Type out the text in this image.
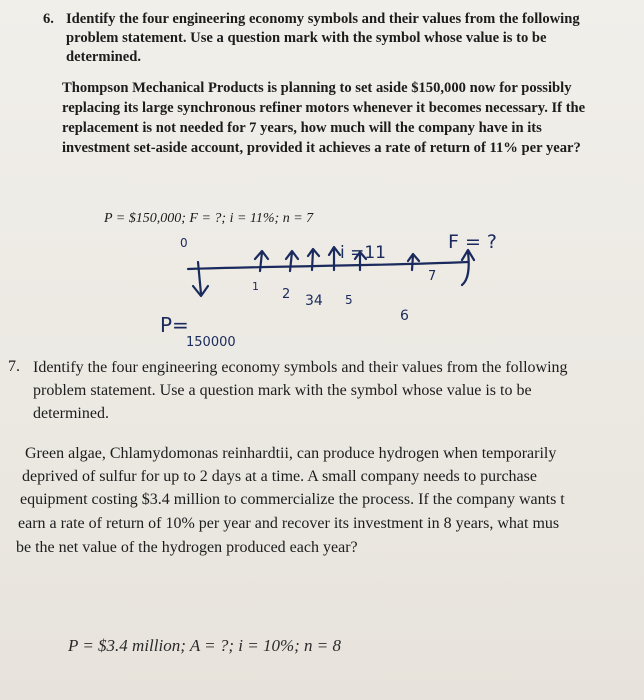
6. Identify the four engineering economy symbols and their values from the following

problem statement. Use a question mark with the symbol whose value is to be

determined.

Thompson Mechanical Products is planning to set aside $150,000 now for possibly

replacing its large synchronous refiner motors whenever it becomes necessary. If the

replacement is not needed for 7 years, how much will the company have in its

investment set-aside account, provided it achieves a rate of return of 11% per year?

P = $150,000; F = ?; i = 11%; n = 7

0	F = ?
i =11
1
2 34 5
6
7
P=
150000
7. Identify the four engineering economy symbols and their values from the following

problem statement. Use a question mark with the symbol whose value is to be

determined.

Green algae, Chlamydomonas reinhardtii, can produce hydrogen when temporarily

deprived of sulfur for up to 2 days at a time. A small company needs to purchase

equipment costing $3.4 million to commercialize the process. If the company wants t

earn a rate of return of 10% per year and recover its investment in 8 years, what mus

be the net value of the hydrogen produced each year?

P = $3.4 million; A = ?; i = 10%; n = 8
